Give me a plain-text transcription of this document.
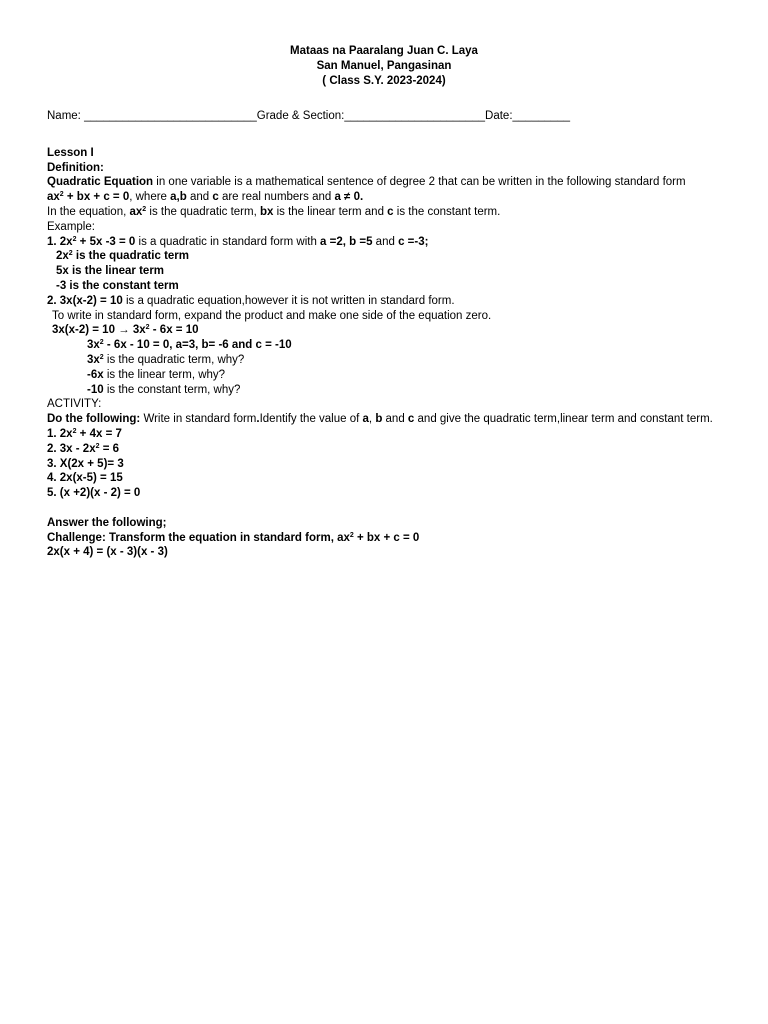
Mataas na Paaralang Juan C. Laya
San Manuel, Pangasinan
( Class S.Y. 2023-2024)
Name: ___________________________Grade & Section:______________________Date:_________
Lesson I
Definition:
Quadratic Equation in one variable is a mathematical sentence of degree 2 that can be written in the following standard form
$ax^2$ + bx + c = 0, where a,b and c are real numbers and a ≠ 0.
In the equation, $ax^2$ is the quadratic term, bx is the linear term and c is the constant term.
Example:
1. $2x^2 + 5x$ -3 = 0 is a quadratic in standard form with a =2, b =5 and c =-3;
$2x^2$ is the quadratic term
5x is the linear term
-3 is the constant term
2. 3x(x-2) = 10 is a quadratic equation,however it is not written in standard form.
To write in standard form, expand the product and make one side of the equation zero.
$3x(x-2) = 10 \to 3x^2 - 6x = 10$
$3x^2 - 6x - 10 = 0$, a=3, b= -6 and c = -10
$3x^2$ is the quadratic term, why?
-6x is the linear term, why?
-10 is the constant term, why?
ACTIVITY:
Do the following: Write in standard form.Identify the value of a, b and c and give the quadratic term,linear term and constant term.
1. $2x^2 + 4x = 7$
2. $3x - 2x^2 = 6$
3. X(2x + 5)= 3
4. 2x(x-5) = 15
5. (x +2)(x - 2) = 0
Answer the following;
Challenge: Transform the equation in standard form, $ax^2$ + bx + c = 0
2x(x + 4) = (x - 3)(x - 3)
